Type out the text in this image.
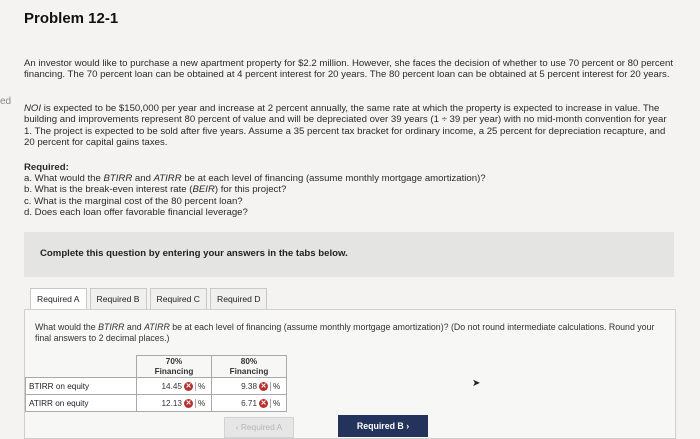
Problem 12-1
ed
An investor would like to purchase a new apartment property for $2.2 million. However, she faces the decision of whether to use 70 percent or 80 percent financing. The 70 percent loan can be obtained at 4 percent interest for 20 years. The 80 percent loan can be obtained at 5 percent interest for 20 years.
NOI is expected to be $150,000 per year and increase at 2 percent annually, the same rate at which the property is expected to increase in value. The building and improvements represent 80 percent of value and will be depreciated over 39 years (1 ÷ 39 per year) with no mid-month convention for year 1. The project is expected to be sold after five years. Assume a 35 percent tax bracket for ordinary income, a 25 percent for depreciation recapture, and 20 percent for capital gains taxes.
Required:
a. What would the BTIRR and ATIRR be at each level of financing (assume monthly mortgage amortization)?
b. What is the break-even interest rate (BEIR) for this project?
c. What is the marginal cost of the 80 percent loan?
d. Does each loan offer favorable financial leverage?
Complete this question by entering your answers in the tabs below.
Required A	Required B	Required C	Required D
What would the BTIRR and ATIRR be at each level of financing (assume monthly mortgage amortization)? (Do not round intermediate calculations. Round your final answers to 2 decimal places.)
	70%
Financing	80%
Financing
BTIRR on equity	14.45 ✕ %	9.38 ✕ %

ATIRR on equity	12.13 ✕ %	6.71 ✕ %
➤
‹ Required A	Required B ›
